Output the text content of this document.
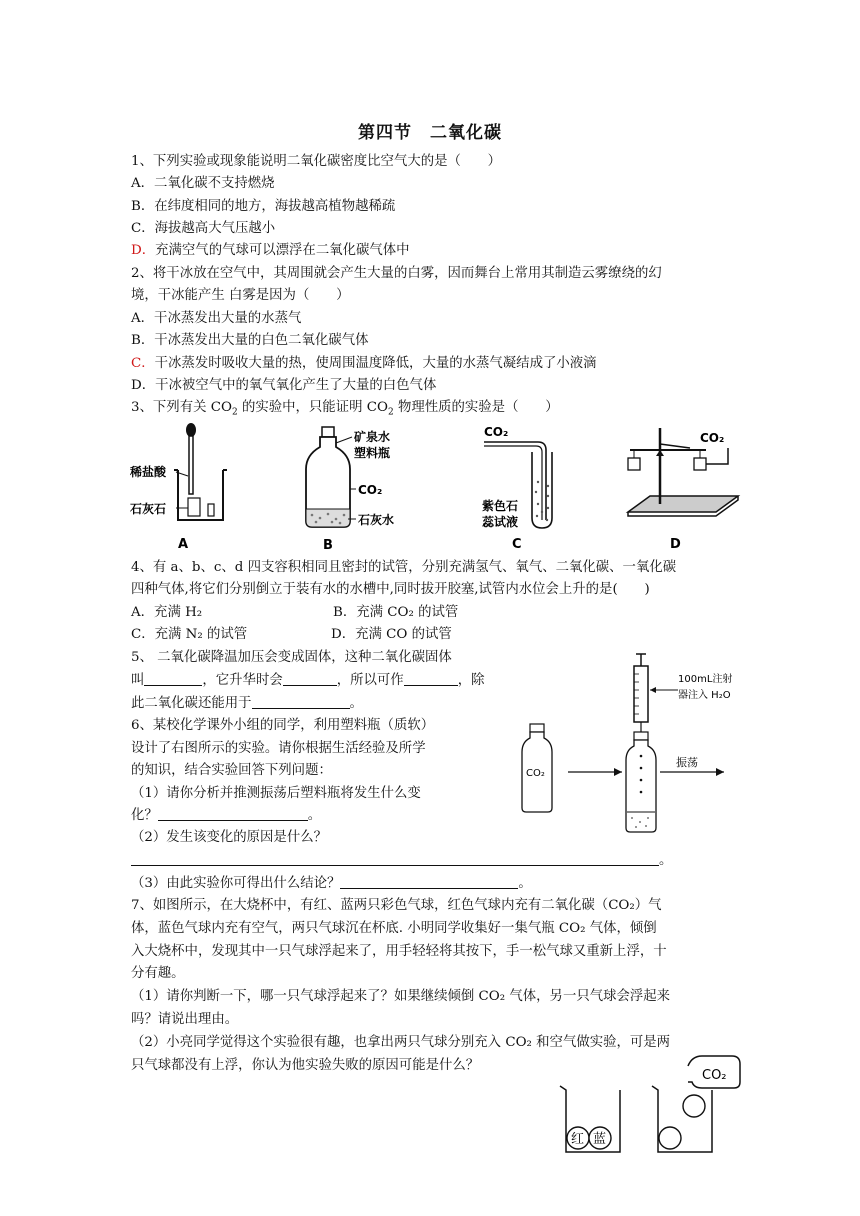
第四节　二氧化碳
1、下列实验或现象能说明二氧化碳密度比空气大的是（　　）
A．二氧化碳不支持燃烧
B．在纬度相同的地方，海拔越高植物越稀疏
C．海拔越高大气压越小
D．充满空气的气球可以漂浮在二氧化碳气体中
2、将干冰放在空气中，其周围就会产生大量的白雾，因而舞台上常用其制造云雾缭绕的幻
境，干冰能产生 白雾是因为（　　）
A．干冰蒸发出大量的水蒸气
B．干冰蒸发出大量的白色二氧化碳气体
C．干冰蒸发时吸收大量的热，使周围温度降低，大量的水蒸气凝结成了小液滴
D．干冰被空气中的氧气氧化产生了大量的白色气体
3、下列有关 $CO_2$ 的实验中，只能证明 $CO_2$ 物理性质的实验是（　　）
稀盐酸
石灰石
A
矿泉水
塑料瓶
CO₂
石灰水
B
CO₂
紫色石
蕊试液
C
CO₂
D
4、有 a、b、c、d 四支容积相同且密封的试管，分别充满氢气、氧气、二氧化碳、一氧化碳
四种气体,将它们分别倒立于装有水的水槽中,同时拔开胶塞,试管内水位会上升的是(　　)
A．充满 H₂	B．充满 CO₂ 的试管
C．充满 N₂ 的试管	D．充满 CO 的试管
5、 二氧化碳降温加压会变成固体，这种二氧化碳固体
叫	，它升华时会	，所以可作	，除
此二氧化碳还能用于	。
6、某校化学课外小组的同学，利用塑料瓶（质软）
设计了右图所示的实验。请你根据生活经验及所学
的知识，结合实验回答下列问题：
（1）请你分析并推测振荡后塑料瓶将发生什么变
化？	。
（2）发生该变化的原因是什么？
。
（3）由此实验你可得出什么结论？	。
100mL注射
器注入 H₂O
CO₂
振荡
7、如图所示，在大烧杯中，有红、蓝两只彩色气球，红色气球内充有二氧化碳（CO₂）气
体，蓝色气球内充有空气，两只气球沉在杯底. 小明同学收集好一集气瓶 CO₂ 气体，倾倒
入大烧杯中，发现其中一只气球浮起来了，用手轻轻将其按下，手一松气球又重新上浮，十
分有趣。
（1）请你判断一下，哪一只气球浮起来了？如果继续倾倒 CO₂ 气体，另一只气球会浮起来
吗？请说出理由。
（2）小亮同学觉得这个实验很有趣，也拿出两只气球分别充入 CO₂ 和空气做实验，可是两
只气球都没有上浮，你认为他实验失败的原因可能是什么？
CO₂
红 蓝
